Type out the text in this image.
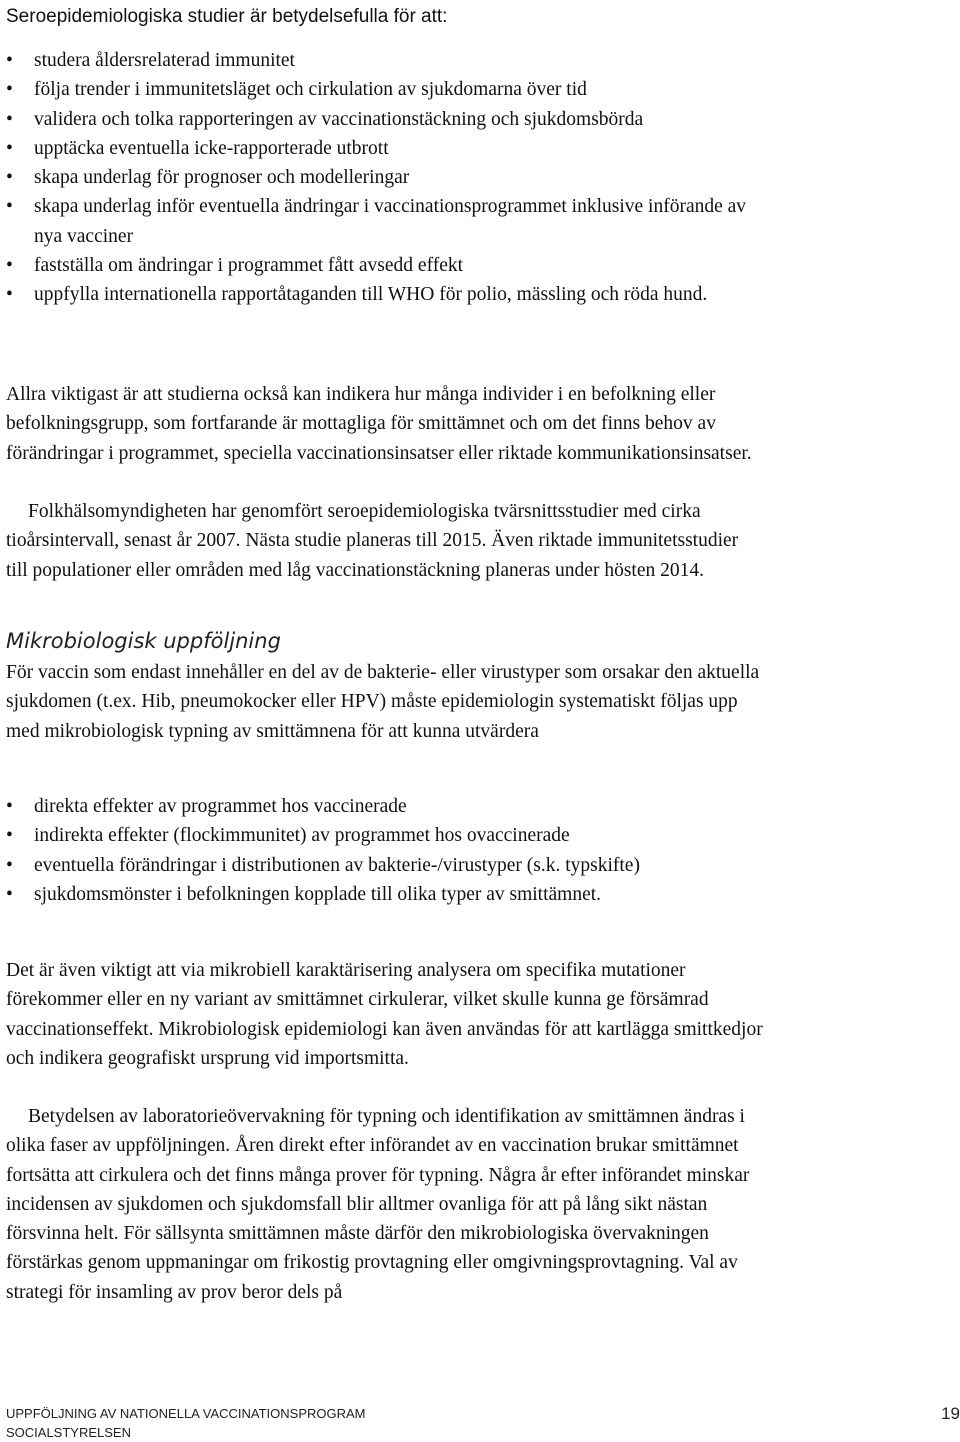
Seroepidemiologiska studier är betydelsefulla för att:

• studera åldersrelaterad immunitet
• följa trender i immunitetsläget och cirkulation av sjukdomarna över tid
• validera och tolka rapporteringen av vaccinationstäckning och sjukdomsbörda
• upptäcka eventuella icke-rapporterade utbrott
• skapa underlag för prognoser och modelleringar
• skapa underlag inför eventuella ändringar i vaccinationsprogrammet inklusive införande av nya vacciner
• fastställa om ändringar i programmet fått avsedd effekt
• uppfylla internationella rapportåtaganden till WHO för polio, mässling och röda hund.

Allra viktigast är att studierna också kan indikera hur många individer i en befolkning eller befolkningsgrupp, som fortfarande är mottagliga för smittämnet och om det finns behov av förändringar i programmet, speciella vaccinationsinsatser eller riktade kommunikationsinsatser.

Folkhälsomyndigheten har genomfört seroepidemiologiska tvärsnittsstudier med cirka tioårsintervall, senast år 2007. Nästa studie planeras till 2015. Även riktade immunitetsstudier till populationer eller områden med låg vaccinationstäckning planeras under hösten 2014.

Mikrobiologisk uppföljning

För vaccin som endast innehåller en del av de bakterie- eller virustyper som orsakar den aktuella sjukdomen (t.ex. Hib, pneumokocker eller HPV) måste epidemiologin systematiskt följas upp med mikrobiologisk typning av smittämnena för att kunna utvärdera

• direkta effekter av programmet hos vaccinerade
• indirekta effekter (flockimmunitet) av programmet hos ovaccinerade
• eventuella förändringar i distributionen av bakterie-/virustyper (s.k. typskifte)
• sjukdomsmönster i befolkningen kopplade till olika typer av smittämnet.

Det är även viktigt att via mikrobiell karaktärisering analysera om specifika mutationer förekommer eller en ny variant av smittämnet cirkulerar, vilket skulle kunna ge försämrad vaccinationseffekt. Mikrobiologisk epidemiologi kan även användas för att kartlägga smittkedjor och indikera geografiskt ursprung vid importsmitta.

Betydelsen av laboratorieövervakning för typning och identifikation av smittämnen ändras i olika faser av uppföljningen. Åren direkt efter införandet av en vaccination brukar smittämnet fortsätta att cirkulera och det finns många prover för typning. Några år efter införandet minskar incidensen av sjukdomen och sjukdomsfall blir alltmer ovanliga för att på lång sikt nästan försvinna helt. För sällsynta smittämnen måste därför den mikrobiologiska övervakningen förstärkas genom uppmaningar om frikostig provtagning eller omgivningsprovtagning. Val av strategi för insamling av prov beror dels på

UPPFÖLJNING AV NATIONELLA VACCINATIONSPROGRAM
SOCIALSTYRELSEN
19
